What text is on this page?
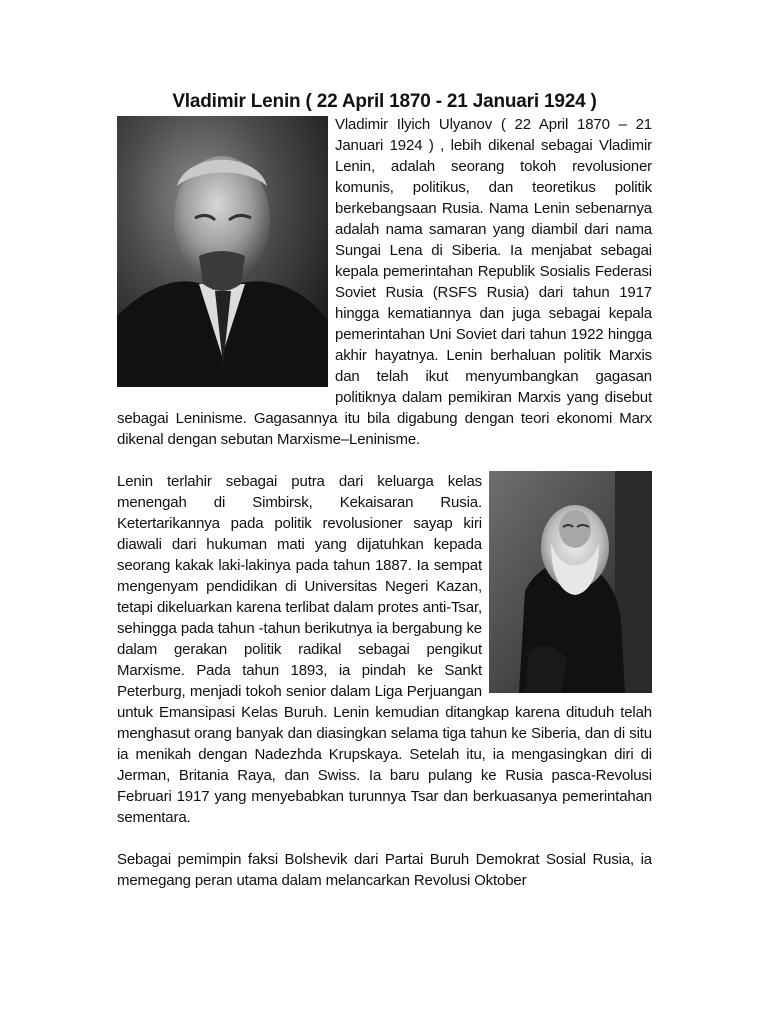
Vladimir Lenin ( 22 April 1870 - 21 Januari 1924 )

Vladimir Ilyich Ulyanov ( 22 April 1870 – 21 Januari 1924 ) , lebih dikenal sebagai Vladimir Lenin, adalah seorang tokoh revolusioner komunis, politikus, dan teoretikus politik berkebangsaan Rusia. Nama Lenin sebenarnya adalah nama samaran yang diambil dari nama Sungai Lena di Siberia. Ia menjabat sebagai kepala pemerintahan Republik Sosialis Federasi Soviet Rusia (RSFS Rusia) dari tahun 1917 hingga kematiannya dan juga sebagai kepala pemerintahan Uni Soviet dari tahun 1922 hingga akhir hayatnya. Lenin berhaluan politik Marxis dan telah ikut menyumbangkan gagasan politiknya dalam pemikiran Marxis yang disebut sebagai Leninisme. Gagasannya itu bila digabung dengan teori ekonomi Marx dikenal dengan sebutan Marxisme–Leninisme.

Lenin terlahir sebagai putra dari keluarga kelas menengah di Simbirsk, Kekaisaran Rusia. Ketertarikannya pada politik revolusioner sayap kiri diawali dari hukuman mati yang dijatuhkan kepada seorang kakak laki-lakinya pada tahun 1887. Ia sempat mengenyam pendidikan di Universitas Negeri Kazan, tetapi dikeluarkan karena terlibat dalam protes anti-Tsar, sehingga pada tahun -tahun berikutnya ia bergabung ke dalam gerakan politik radikal sebagai pengikut Marxisme. Pada tahun 1893, ia pindah ke Sankt Peterburg, menjadi tokoh senior dalam Liga Perjuangan untuk Emansipasi Kelas Buruh. Lenin kemudian ditangkap karena dituduh telah menghasut orang banyak dan diasingkan selama tiga tahun ke Siberia, dan di situ ia menikah dengan Nadezhda Krupskaya. Setelah itu, ia mengasingkan diri di Jerman, Britania Raya, dan Swiss. Ia baru pulang ke Rusia pasca-Revolusi Februari 1917 yang menyebabkan turunnya Tsar dan berkuasanya pemerintahan sementara.

Sebagai pemimpin faksi Bolshevik dari Partai Buruh Demokrat Sosial Rusia, ia memegang peran utama dalam melancarkan Revolusi Oktober
